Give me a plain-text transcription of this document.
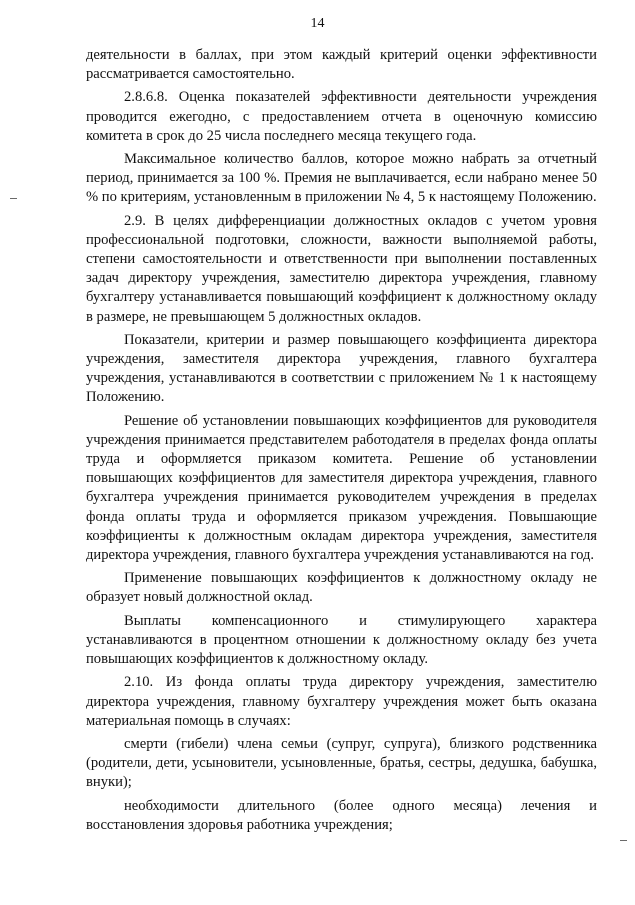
14

деятельности в баллах, при этом каждый критерий оценки эффективности рассматривается самостоятельно.

2.8.6.8. Оценка показателей эффективности деятельности учреждения проводится ежегодно, с предоставлением отчета в оценочную комиссию комитета в срок до 25 числа последнего месяца текущего года.

Максимальное количество баллов, которое можно набрать за отчетный период, принимается за 100 %. Премия не выплачивается, если набрано менее 50 % по критериям, установленным в приложении № 4, 5 к настоящему Положению.

2.9. В целях дифференциации должностных окладов с учетом уровня профессиональной подготовки, сложности, важности выполняемой работы, степени самостоятельности и ответственности при выполнении поставленных задач директору учреждения, заместителю директора учреждения, главному бухгалтеру устанавливается повышающий коэффициент к должностному окладу в размере, не превышающем 5 должностных окладов.

Показатели, критерии и размер повышающего коэффициента директора учреждения, заместителя директора учреждения, главного бухгалтера учреждения, устанавливаются в соответствии с приложением № 1 к настоящему Положению.

Решение об установлении повышающих коэффициентов для руководителя учреждения принимается представителем работодателя в пределах фонда оплаты труда и оформляется приказом комитета. Решение об установлении повышающих коэффициентов для заместителя директора учреждения, главного бухгалтера учреждения принимается руководителем учреждения в пределах фонда оплаты труда и оформляется приказом учреждения. Повышающие коэффициенты к должностным окладам директора учреждения, заместителя директора учреждения, главного бухгалтера учреждения устанавливаются на год.

Применение повышающих коэффициентов к должностному окладу не образует новый должностной оклад.

Выплаты компенсационного и стимулирующего характера устанавливаются в процентном отношении к должностному окладу без учета повышающих коэффициентов к должностному окладу.

2.10. Из фонда оплаты труда директору учреждения, заместителю директора учреждения, главному бухгалтеру учреждения может быть оказана материальная помощь в случаях:

смерти (гибели) члена семьи (супруг, супруга), близкого родственника (родители, дети, усыновители, усыновленные, братья, сестры, дедушка, бабушка, внуки);

необходимости длительного (более одного месяца) лечения и восстановления здоровья работника учреждения;
